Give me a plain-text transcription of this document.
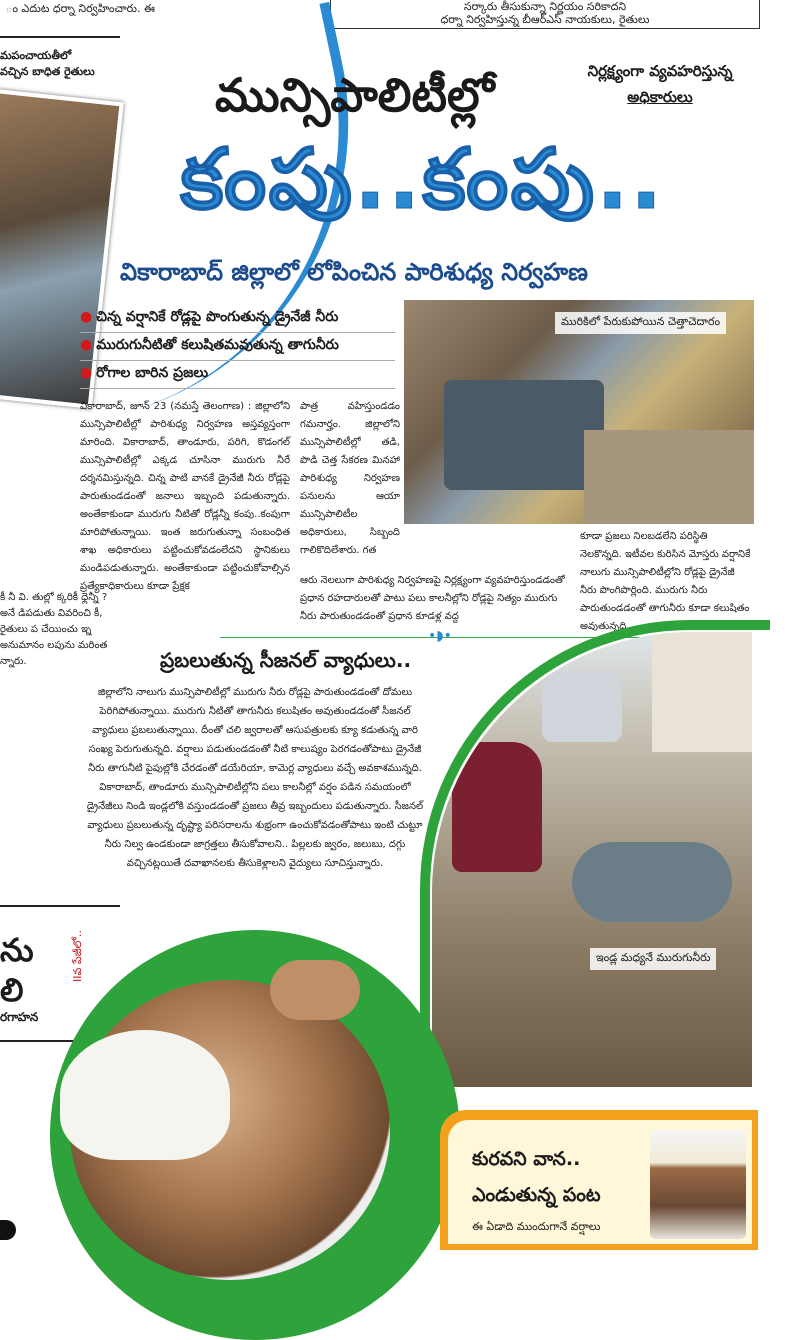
ం ఎదుట ధర్నా నిర్వహించారు. ఈ	సర్కారు తీసుకున్నా నిర్ణయం సరికాదని
ధర్నా నిర్వహిస్తున్న బీఆర్‌ఎస్‌ నాయకులు, రైతులు
మపంచాయతీలో
వచ్చిన బాధిత రైతులు
కీ నీ వి. తుల్లో క్కరికీ ధ్లెన్నీ ? అనే డిపడుతు వివరించి కీ, రైతులు ప చేయించు ఇ్న అనుమానం లపును మరింత న్నారు.
ను
లి
IIవ పేజీలో..
రగాహన
మున్సిపాలిటీల్లో	నిర్లక్ష్యంగా వ్యవహరిస్తున్న
అధికారులు
కంపు..కంపు..
వికారాబాద్ జిల్లాలో లోపించిన పారిశుధ్య నిర్వహణ
● చిన్న వర్షానికే రోడ్లపై పొంగుతున్న డ్రైనేజీ నీరు
● మురుగునీటితో కలుషితమవుతున్న తాగునీరు
● రోగాల బారిన ప్రజలు
మురికిలో పేరుకుపోయిన చెత్తాచెదారం
వికారాబాద్, జూన్ 23 (నమస్తే తెలంగాణ) : జిల్లాలోని మున్సిపాలిటీల్లో పారిశుధ్య నిర్వహణ అస్తవ్యస్తంగా మారింది. వికారాబాద్, తాండూరు, పరిగి, కొడంగల్ మున్సిపాలిటీల్లో ఎక్కడ చూసినా మురుగు నీరే దర్శనమిస్తున్నది. చిన్న పాటి వానకే డ్రైనేజీ నీరు రోడ్లపై పారుతుండడంతో జనాలు ఇబ్బంది పడుతున్నారు. అంతేకాకుండా మురుగు నీటితో రోడ్లన్నీ కంపు..కంపుగా మారిపోతున్నాయి. ఇంత జరుగుతున్నా సంబంధిత శాఖ అధికారులు పట్టించుకోవడంలేదని స్థానికులు మండిపడుతున్నారు. అంతేకాకుండా పట్టించుకోవాల్సిన ప్రత్యేకాధికారులు కూడా ప్రేక్షక
పాత్ర వహిస్తుండడం గమనార్హం. జిల్లాలోని మున్సిపాలిటీల్లో తడి, పొడి చెత్త సేకరణ మినహా పారిశుధ్య నిర్వహణ పనులను ఆయా మున్సిపాలిటీల అధికారులు, సిబ్బంది గాలికొదిలేశారు. గత
ఆరు నెలలుగా పారిశుధ్య నిర్వహణపై నిర్లక్ష్యంగా వ్యవహరిస్తుండడంతో ప్రధాన రహదారులతో పాటు పలు కాలనీల్లోని రోడ్లపై నిత్యం మురుగు నీరు పారుతుండడంతో ప్రధాన కూడళ్ల వద్ద
కూడా ప్రజలు నిలబడలేని పరిస్థితి నెలకొన్నది. ఇటీవల కురిసిన మోస్తరు వర్షానికే నాలుగు మున్సిపాలిటీల్లోని రోడ్లపై డ్రైనేజీ నీరు పొంగిపొర్లింది. మురుగు నీరు పారుతుండడంతో తాగునీరు కూడా కలుషితం అవుతున్నది.
•◗•
ప్రబలుతున్న సీజనల్ వ్యాధులు..
జిల్లాలోని నాలుగు మున్సిపాలిటీల్లో మురుగు నీరు రోడ్లపై పారుతుండడంతో దోమలు పెరిగిపోతున్నాయి. మురుగు నీటితో తాగునీరు కలుషితం అవుతుండడంతో సీజనల్ వ్యాధులు ప్రబలుతున్నాయి. దీంతో చలి జ్వరాలతో ఆసుపత్రులకు క్యూ కడుతున్న వారి సంఖ్య పెరుగుతున్నది. వర్షాలు పడుతుండడంతో నీటి కాలుష్యం పెరగడంతోపాటు డ్రైనేజీ నీరు తాగునీటి పైపుల్లోకి చేరడంతో డయేరియా, కామెర్ల వ్యాధులు వచ్చే అవకాశమున్నది. వికారాబాద్, తాండూరు మున్సిపాలిటీల్లోని పలు కాలనీల్లో వర్షం పడిన సమయంలో డ్రైనేజీలు నిండి ఇండ్లలోకి వస్తుండడంతో ప్రజలు తీవ్ర ఇబ్బందులు పడుతున్నారు. సీజనల్ వ్యాధులు ప్రబలుతున్న దృష్ట్యా పరిసరాలను శుభ్రంగా ఉంచుకోవడంతోపాటు ఇంటి చుట్టూ నీరు నిల్వ ఉండకుండా జాగ్రత్తలు తీసుకోవాలని.. పిల్లలకు జ్వరం, జలుబు, దగ్గు వచ్చినట్లయితే దవాఖానలకు తీసుకెళ్లాలని వైద్యులు సూచిస్తున్నారు.
ఇండ్ల మధ్యనే మురుగునీరు
కురవని వాన..
ఎండుతున్న పంట
ఈ ఏడాది ముందుగానే వర్షాలు
